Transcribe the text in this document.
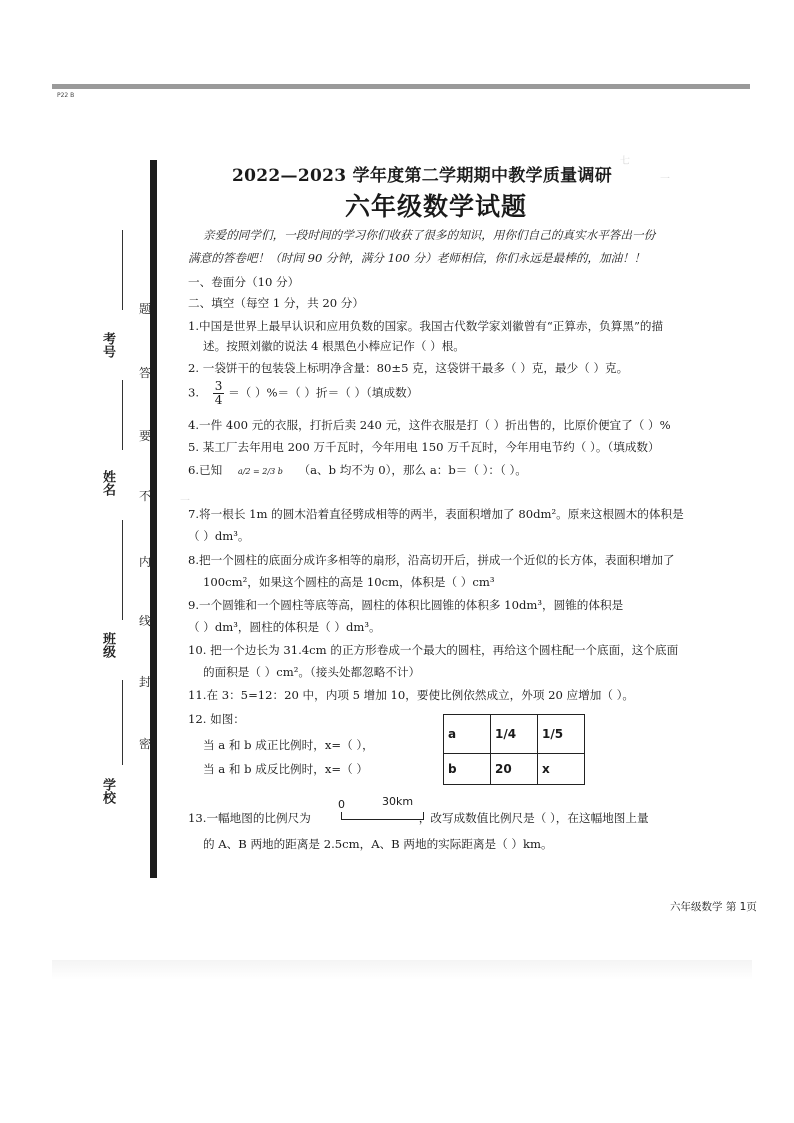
P22 B
七
一
一
考号
姓名
班级
学校
题
答
要
不
内
线
封
密
2022—2023 学年度第二学期期中教学质量调研
六年级数学试题
亲爱的同学们，一段时间的学习你们收获了很多的知识，用你们自己的真实水平答出一份
满意的答卷吧！（时间 90 分钟，满分 100 分）老师相信，你们永远是最棒的，加油！！
一、卷面分（10 分）
二、填空（每空 1 分，共 20 分）
1.中国是世界上最早认识和应用负数的国家。我国古代数学家刘徽曾有“正算赤，负算黑”的描
述。按照刘徽的说法 4 根黑色小棒应记作（ ）根。
2. 一袋饼干的包装袋上标明净含量：80±5 克，这袋饼干最多（ ）克，最少（ ）克。
3. $\frac{3}{4}$ ＝（ ）%＝（ ）折＝（ ）（填成数）
4.一件 400 元的衣服，打折后卖 240 元，这件衣服是打（ ）折出售的，比原价便宜了（ ）%
5. 某工厂去年用电 200 万千瓦时，今年用电 150 万千瓦时，今年用电节约（ ）。（填成数）
6.已知 a/2 = 2/3 b （a、b 均不为 0），那么 a：b＝（ ）：（ ）。
7.将一根长 1m 的圆木沿着直径劈成相等的两半，表面积增加了 80dm²。原来这根圆木的体积是
（ ）dm³。
8.把一个圆柱的底面分成许多相等的扇形，沿高切开后，拼成一个近似的长方体，表面积增加了
100cm²，如果这个圆柱的高是 10cm，体积是（ ）cm³
9.一个圆锥和一个圆柱等底等高，圆柱的体积比圆锥的体积多 10dm³，圆锥的体积是
（ ）dm³，圆柱的体积是（ ）dm³。
10. 把一个边长为 31.4cm 的正方形卷成一个最大的圆柱，再给这个圆柱配一个底面，这个底面
的面积是（ ）cm²。（接头处都忽略不计）
11.在 3：5=12：20 中，内项 5 增加 10，要使比例依然成立，外项 20 应增加（ ）。
12. 如图：
当 a 和 b 成正比例时，x=（ ），
当 a 和 b 成反比例时，x=（ ）
a	1/4	1/5
b	20	x
13.一幅地图的比例尺为	，改写成数值比例尺是（ ），在这幅地图上量
0	30km
的 A、B 两地的距离是 2.5cm，A、B 两地的实际距离是（ ）km。
六年级数学 第 1页
